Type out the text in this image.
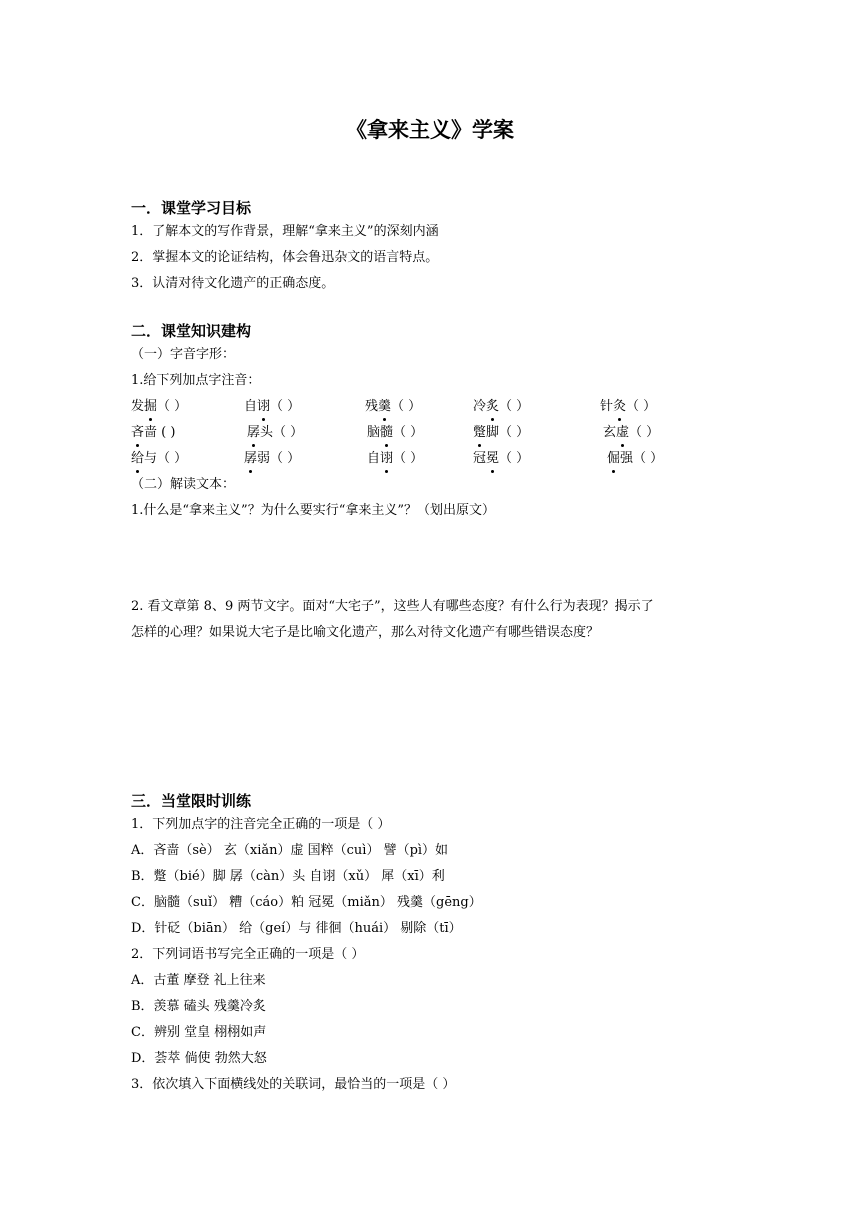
《拿来主义》学案
一．课堂学习目标
1．了解本文的写作背景，理解“拿来主义”的深刻内涵
2．掌握本文的论证结构，体会鲁迅杂文的语言特点。
3．认清对待文化遗产的正确态度。
二．课堂知识建构
（一）字音字形：
1.给下列加点字注音：
发掘（ ）	自诩（ ）	残羹（ ）	冷炙（ ）	针灸（ ）
吝啬 ( )	孱头（ ）	脑髓（ ）	蹩脚（ ）	玄虚（ ）
给与（ ）	孱弱（ ）	自诩（ ）	冠冕（ ）	倔强（ ）
（二）解读文本：
1.什么是“拿来主义”？为什么要实行“拿来主义”？（划出原文）
2. 看文章第 8、9 两节文字。面对“大宅子”，这些人有哪些态度？有什么行为表现？揭示了
怎样的心理？如果说大宅子是比喻文化遗产，那么对待文化遗产有哪些错误态度？
三．当堂限时训练
1．下列加点字的注音完全正确的一项是（ ）
A．吝啬（sè） 玄（xiǎn）虚 国粹（cuì） 譬（pì）如
B．蹩（bié）脚 孱（càn）头 自诩（xǔ） 犀（xī）利
C．脑髓（suǐ） 糟（cáo）粕 冠冕（miǎn） 残羹（gēng）
D．针砭（biān） 给（geí）与 徘徊（huái） 剔除（tī）
2．下列词语书写完全正确的一项是（ ）
A．古董 摩登 礼上往来
B．羡慕 磕头 残羹冷炙
C．辨别 堂皇 栩栩如声
D．荟萃 倘使 勃然大怒
3．依次填入下面横线处的关联词，最恰当的一项是（ ）
